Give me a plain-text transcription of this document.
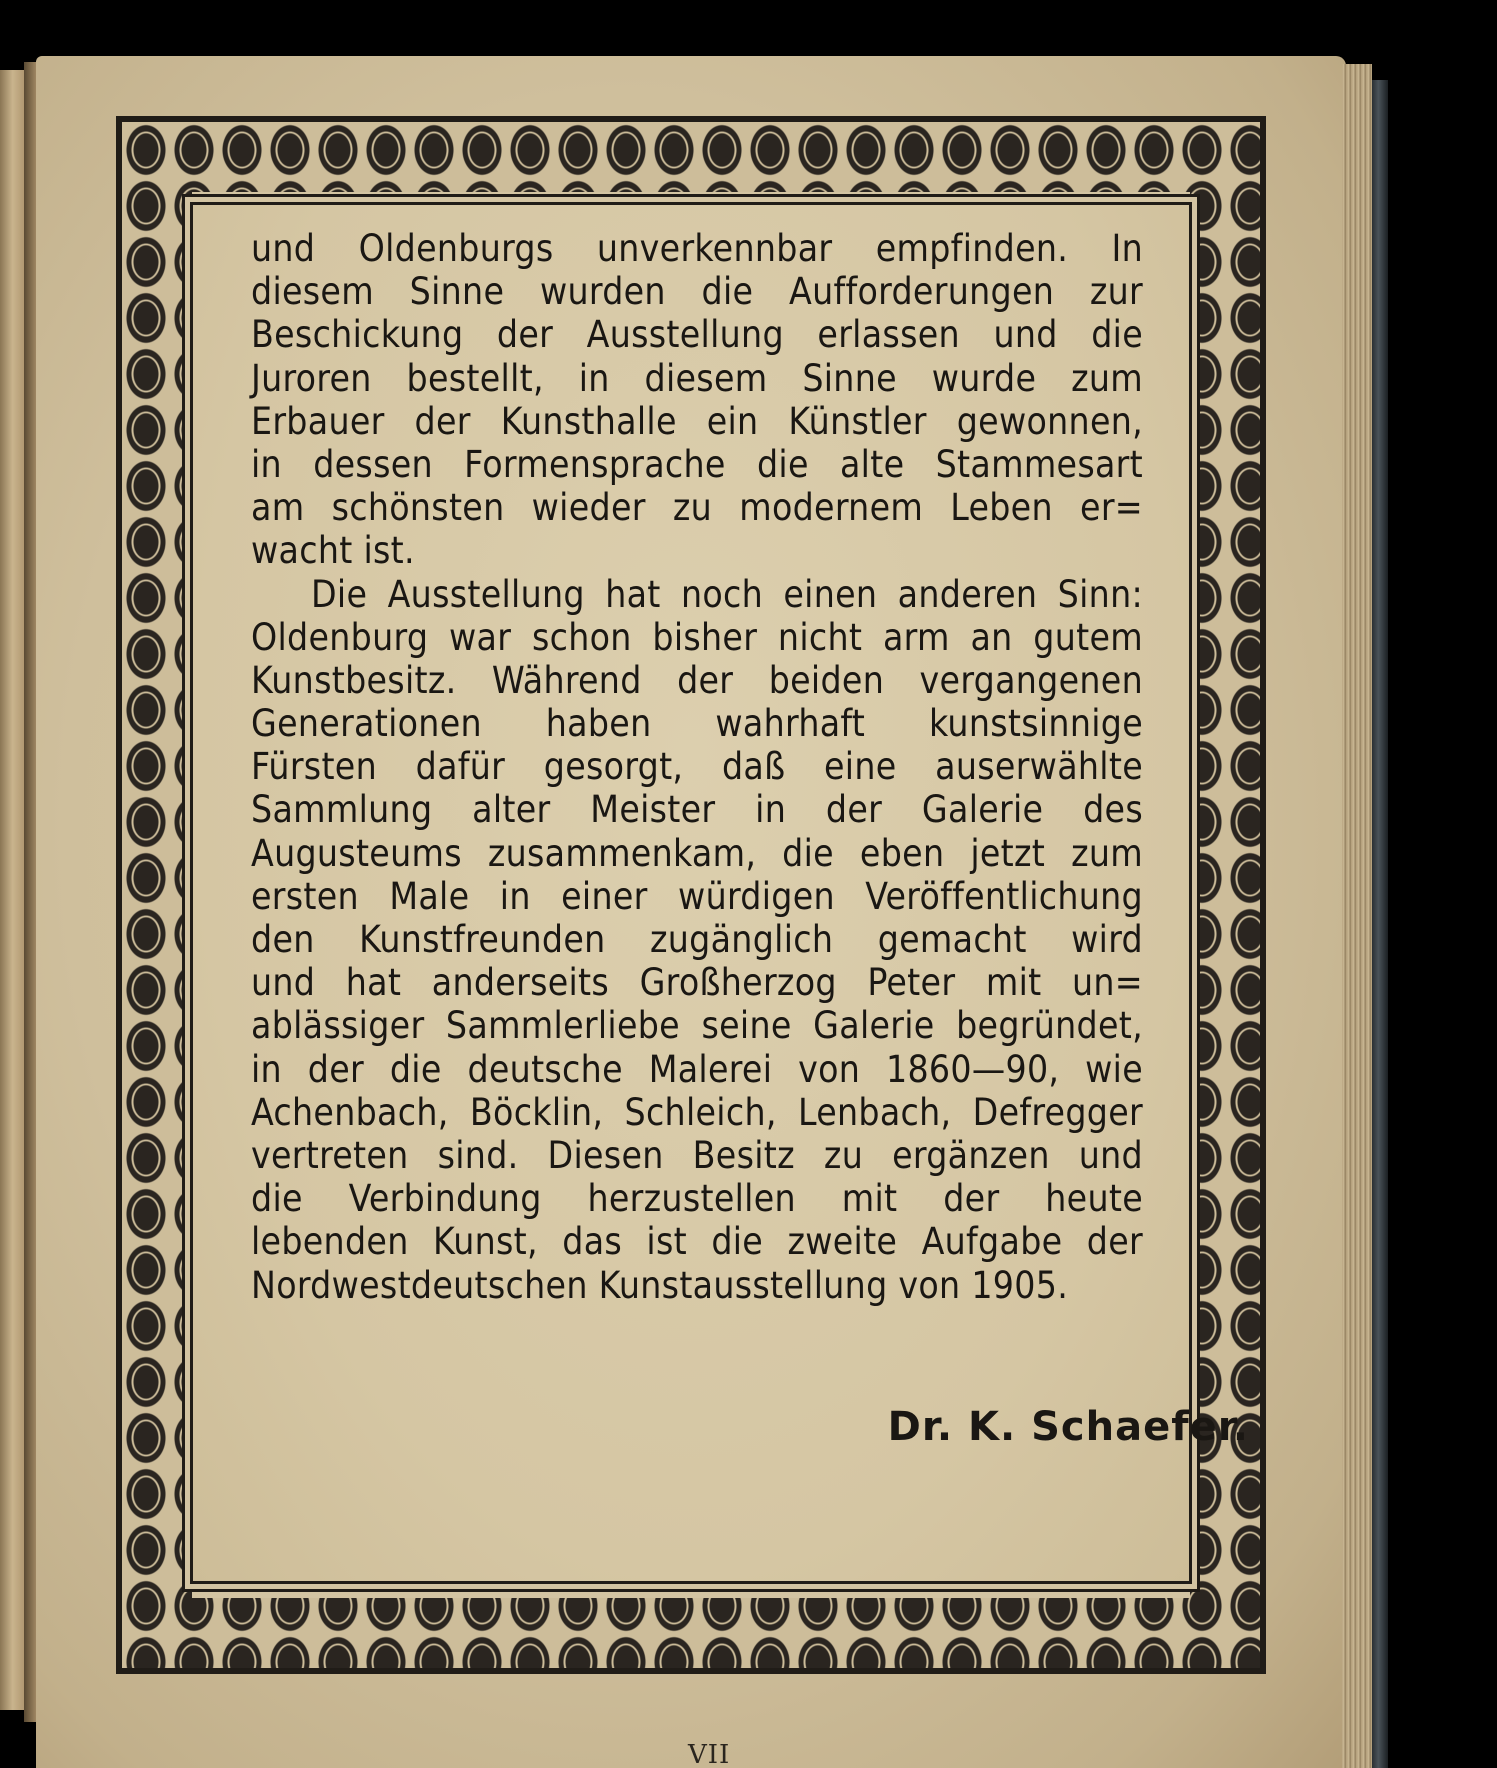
und Oldenburgs unverkennbar empfinden. In
diesem Sinne wurden die Aufforderungen zur
Beschickung der Ausstellung erlassen und die
Juroren bestellt, in diesem Sinne wurde zum
Erbauer der Kunsthalle ein Künstler gewonnen,
in dessen Formensprache die alte Stammesart
am schönsten wieder zu modernem Leben er=
wacht ist.
Die Ausstellung hat noch einen anderen Sinn:
Oldenburg war schon bisher nicht arm an gutem
Kunstbesitz. Während der beiden vergangenen
Generationen haben wahrhaft kunstsinnige
Fürsten dafür gesorgt, daß eine auserwählte
Sammlung alter Meister in der Galerie des
Augusteums zusammenkam, die eben jetzt zum
ersten Male in einer würdigen Veröffentlichung
den Kunstfreunden zugänglich gemacht wird
und hat anderseits Großherzog Peter mit un=
ablässiger Sammlerliebe seine Galerie begründet,
in der die deutsche Malerei von 1860—90, wie
Achenbach, Böcklin, Schleich, Lenbach, Defregger
vertreten sind. Diesen Besitz zu ergänzen und
die Verbindung herzustellen mit der heute
lebenden Kunst, das ist die zweite Aufgabe der
Nordwestdeutschen Kunstausstellung von 1905.
Dr. K. Schaefer.
VII
